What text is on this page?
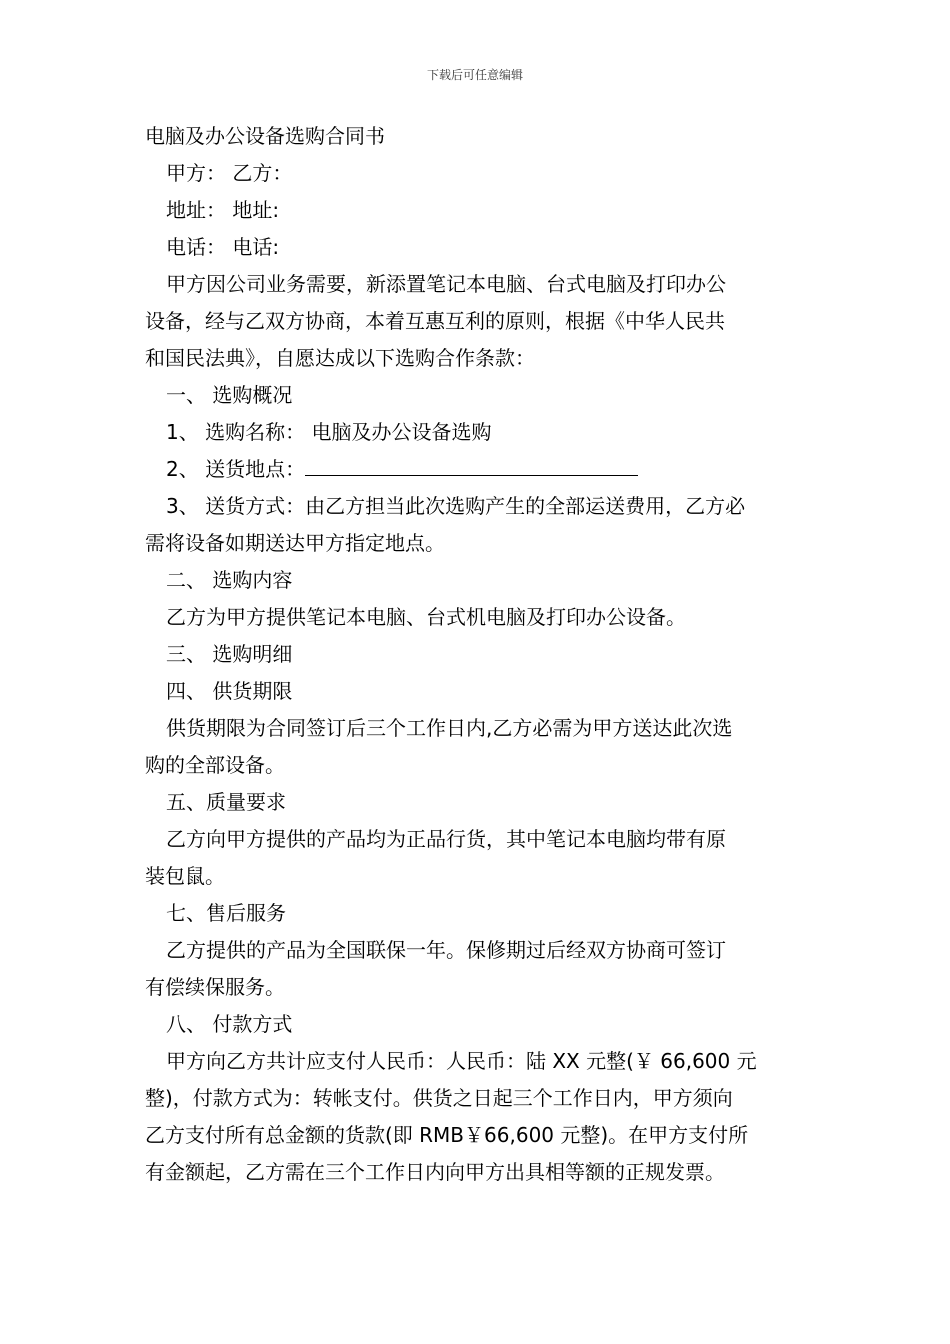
下载后可任意编辑
电脑及办公设备选购合同书
甲方： 乙方：
地址： 地址:
电话： 电话:
甲方因公司业务需要，新添置笔记本电脑、台式电脑及打印办公
设备，经与乙双方协商，本着互惠互利的原则，根据《中华人民共
和国民法典》，自愿达成以下选购合作条款：
一、 选购概况
1、 选购名称： 电脑及办公设备选购
2、 送货地点：
3、 送货方式：由乙方担当此次选购产生的全部运送费用，乙方必
需将设备如期送达甲方指定地点。
二、 选购内容
乙方为甲方提供笔记本电脑、台式机电脑及打印办公设备。
三、 选购明细
四、 供货期限
供货期限为合同签订后三个工作日内,乙方必需为甲方送达此次选
购的全部设备。
五、质量要求
乙方向甲方提供的产品均为正品行货，其中笔记本电脑均带有原
装包鼠。
七、售后服务
乙方提供的产品为全国联保一年。保修期过后经双方协商可签订
有偿续保服务。
八、 付款方式
甲方向乙方共计应支付人民币：人民币：陆 XX 元整(￥ 66,600 元
整)，付款方式为：转帐支付。供货之日起三个工作日内，甲方须向
乙方支付所有总金额的货款(即 RMB￥66,600 元整)。在甲方支付所
有金额起，乙方需在三个工作日内向甲方出具相等额的正规发票。
